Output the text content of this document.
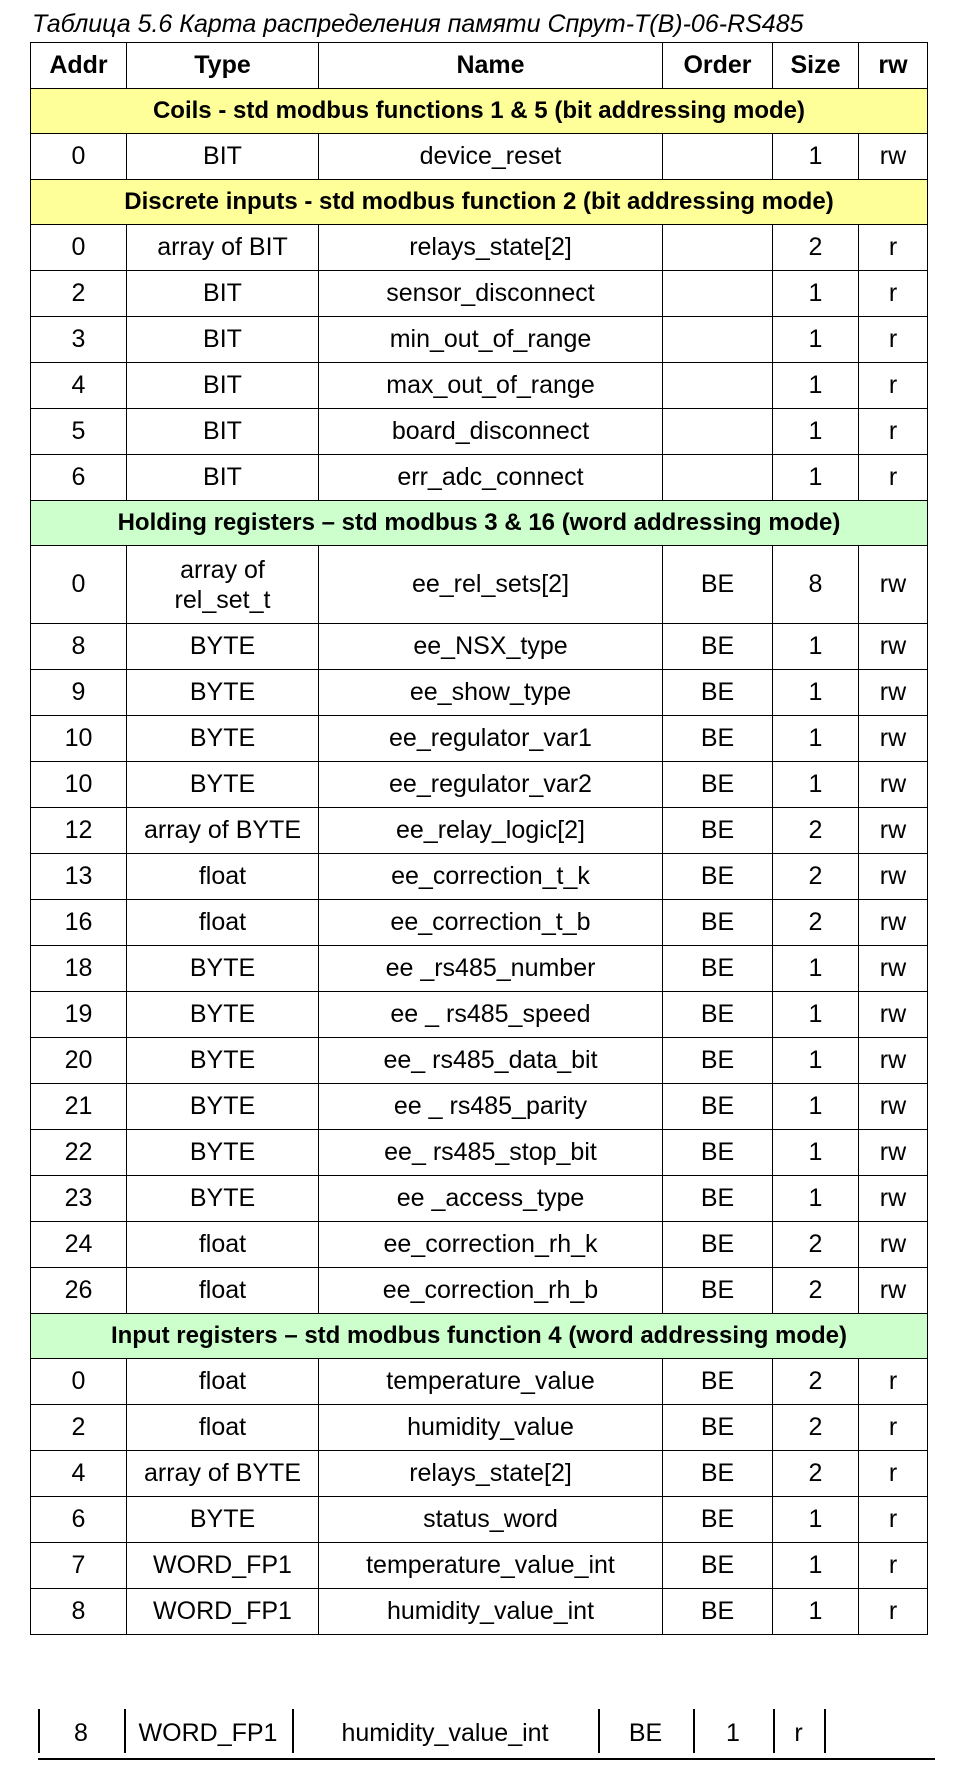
Таблица 5.6 Карта распределения памяти Спрут-Т(В)-06-RS485
Addr	Type	Name	Order	Size	rw
Coils - std modbus functions 1 & 5 (bit addressing mode)					
0	BIT	device_reset		1	rw
Discrete inputs - std modbus function 2 (bit addressing mode)					
0	array of BIT	relays_state[2]		2	r
2	BIT	sensor_disconnect		1	r
3	BIT	min_out_of_range		1	r
4	BIT	max_out_of_range		1	r
5	BIT	board_disconnect		1	r
6	BIT	err_adc_connect		1	r
Holding registers – std modbus 3 & 16 (word addressing mode)					
0	array of rel_set_t	ee_rel_sets[2]	BE	8	rw
8	BYTE	ee_NSX_type	BE	1	rw
9	BYTE	ee_show_type	BE	1	rw
10	BYTE	ee_regulator_var1	BE	1	rw
10	BYTE	ee_regulator_var2	BE	1	rw
12	array of BYTE	ee_relay_logic[2]	BE	2	rw
13	float	ee_correction_t_k	BE	2	rw
16	float	ee_correction_t_b	BE	2	rw
18	BYTE	ee _rs485_number	BE	1	rw
19	BYTE	ee _ rs485_speed	BE	1	rw
20	BYTE	ee_ rs485_data_bit	BE	1	rw
21	BYTE	ee _ rs485_parity	BE	1	rw
22	BYTE	ee_ rs485_stop_bit	BE	1	rw
23	BYTE	ee _access_type	BE	1	rw
24	float	ee_correction_rh_k	BE	2	rw
26	float	ee_correction_rh_b	BE	2	rw
Input registers – std modbus function 4 (word addressing mode)					
0	float	temperature_value	BE	2	r
2	float	humidity_value	BE	2	r
4	array of BYTE	relays_state[2]	BE	2	r
6	BYTE	status_word	BE	1	r
7	WORD_FP1	temperature_value_int	BE	1	r
8	WORD_FP1	humidity_value_int	BE	1	r
8	WORD_FP1	humidity_value_int	BE	1	r
